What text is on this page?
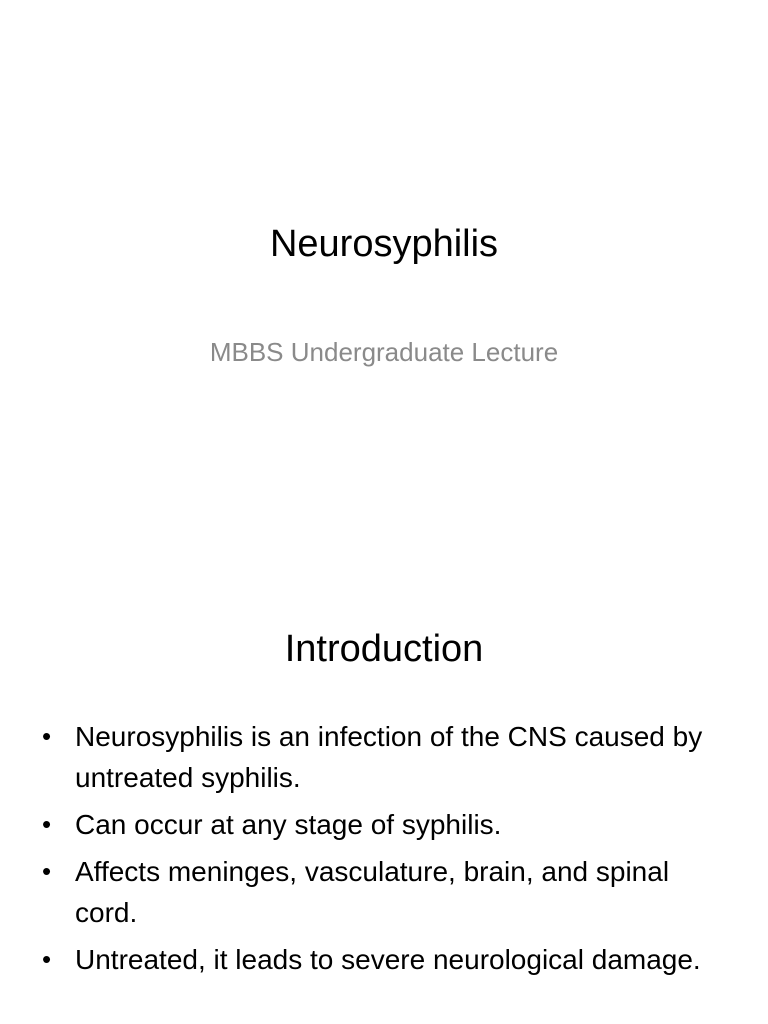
Neurosyphilis
MBBS Undergraduate Lecture
Introduction
• Neurosyphilis is an infection of the CNS caused by untreated syphilis.
• Can occur at any stage of syphilis.
• Affects meninges, vasculature, brain, and spinal cord.
• Untreated, it leads to severe neurological damage.
